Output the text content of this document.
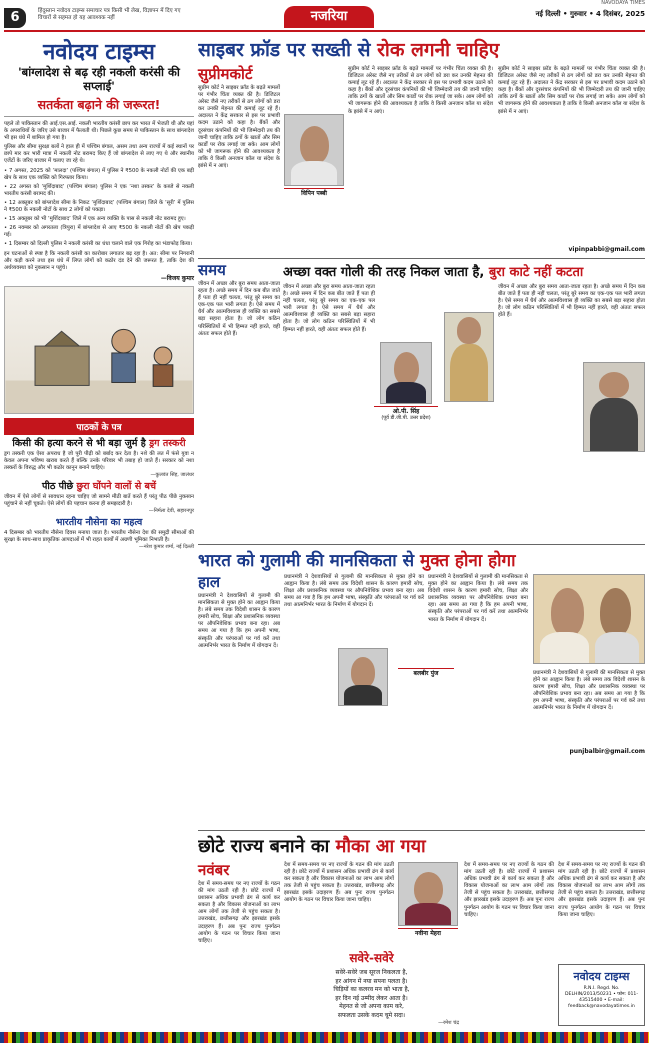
6	हिंदुस्तान नवोदय टाइम्स समाचार पत्र किसी भी लेख, विज्ञापन में दिए गए विचारों से सहमत हो यह आवश्यक नहीं	नजरिया
NAVODAYA TIMES
नई दिल्ली • गुरुवार • 4 दिसंबर, 2025
नवोदय टाइम्स
'बांग्लादेश से बढ़ रही नकली करंसी की सप्लाई'
सतर्कता बढ़ाने की जरूरत!

पहले तो पाकिस्तान की आई.एस.आई. नकली भारतीय करंसी छाप कर भारत में भेजती थी और यहां के अपराधियों के जरिए उसे बाजार में फैलाती थी। पिछले कुछ समय से पाकिस्तान के साथ बांग्लादेश भी इस धंधे में शामिल हो गया है।

पुलिस और सीमा सुरक्षा बलों ने हाल ही में पश्चिम बंगाल, असम तथा अन्य राज्यों में कई स्थानों पर छापे मार कर भारी मात्रा में नकली नोट बरामद किए हैं जो बांग्लादेश से लाए गए थे और स्थानीय एजेंटों के जरिए बाजार में चलाए जा रहे थे।

• 7 अगस्त, 2025 को ‘मालदा’ (पश्चिम बंगाल) में पुलिस ने ₹500 के नकली नोटों की एक बड़ी खेप के साथ एक व्यक्ति को गिरफ्तार किया।

• 22 अगस्त को ‘मुर्शिदाबाद’ (पश्चिम बंगाल) पुलिस ने एक ‘नशा तस्कर’ के कब्जे से नकली भारतीय करंसी बरामद की।

• 12 अक्तूबर को बांग्लादेश सीमा के निकट ‘मुर्शिदाबाद’ (पश्चिम बंगाल) जिले के ‘सूरी’ में पुलिस ने ₹500 के नकली नोटों के साथ 2 लोगों को पकड़ा।

• 15 अक्तूबर को भी ‘मुर्शिदाबाद’ जिले में एक अन्य व्यक्ति के पास से नकली नोट बरामद हुए।

• 26 नवम्बर को अगरतला (त्रिपुरा) में बांग्लादेश से आए ₹500 के नकली नोटों की खेप पकड़ी गई।

• 1 दिसम्बर को दिल्ली पुलिस ने नकली करंसी का धंधा चलाने वाले एक गिरोह का भंडाफोड़ किया।

इन घटनाओं से स्पष्ट है कि नकली करंसी का कारोबार लगातार बढ़ रहा है। अत: सीमा पर निगरानी और कड़ी करने तथा इस धंधे में लिप्त लोगों को कठोर दंड देने की जरूरत है, ताकि देश की अर्थव्यवस्था को नुकसान न पहुंचे।

—विजय कुमार
पाठकों के पत्र
किसी की हत्या करने से भी बड़ा जुर्म है ड्रग तस्करी
ड्रग तस्करी एक ऐसा अपराध है जो पूरी पीढ़ी को बर्बाद कर देता है। नशे की लत में फंसे युवा न केवल अपना भविष्य खराब करते हैं बल्कि उनके परिवार भी तबाह हो जाते हैं। सरकार को नशा तस्करों के विरुद्ध और भी कठोर कानून बनाने चाहिएं।
—कुलवंत सिंह, जालंधर
पीठ पीछे छुरा घोंपने वालों से बचें
जीवन में ऐसे लोगों से सावधान रहना चाहिए जो सामने मीठी बातें करते हैं परंतु पीठ पीछे नुकसान पहुंचाने से नहीं चूकते। ऐसे लोगों की पहचान करना ही समझदारी है।
—निर्मला देवी, सहारनपुर
भारतीय नौसेना का महत्व
4 दिसम्बर को भारतीय नौसेना दिवस मनाया जाता है। भारतीय नौसेना देश की समुद्री सीमाओं की सुरक्षा के साथ-साथ प्राकृतिक आपदाओं में भी राहत कार्यों में अग्रणी भूमिका निभाती है।
—नरेश कुमार शर्मा, नई दिल्ली
साइबर फ्रॉड पर सख्ती से रोक लगनी चाहिए
सुप्रीमकोर्ट
सुप्रीम कोर्ट ने साइबर फ्रॉड के बढ़ते मामलों पर गंभीर चिंता व्यक्त की है। डिजिटल अरेस्ट जैसे नए तरीकों से ठग लोगों को डरा कर उनकी मेहनत की कमाई लूट रहे हैं। अदालत ने केंद्र सरकार से इस पर प्रभावी कदम उठाने को कहा है। बैंकों और दूरसंचार कंपनियों की भी जिम्मेदारी तय की जानी चाहिए ताकि ठगों के खातों और सिम कार्डों पर रोक लगाई जा सके। आम लोगों को भी जागरूक होने की आवश्यकता है ताकि वे किसी अनजान कॉल या संदेश के झांसे में न आएं।
विपिन पब्बी
सुप्रीम कोर्ट ने साइबर फ्रॉड के बढ़ते मामलों पर गंभीर चिंता व्यक्त की है। डिजिटल अरेस्ट जैसे नए तरीकों से ठग लोगों को डरा कर उनकी मेहनत की कमाई लूट रहे हैं। अदालत ने केंद्र सरकार से इस पर प्रभावी कदम उठाने को कहा है। बैंकों और दूरसंचार कंपनियों की भी जिम्मेदारी तय की जानी चाहिए ताकि ठगों के खातों और सिम कार्डों पर रोक लगाई जा सके। आम लोगों को भी जागरूक होने की आवश्यकता है ताकि वे किसी अनजान कॉल या संदेश के झांसे में न आएं।
सुप्रीम कोर्ट ने साइबर फ्रॉड के बढ़ते मामलों पर गंभीर चिंता व्यक्त की है। डिजिटल अरेस्ट जैसे नए तरीकों से ठग लोगों को डरा कर उनकी मेहनत की कमाई लूट रहे हैं। अदालत ने केंद्र सरकार से इस पर प्रभावी कदम उठाने को कहा है। बैंकों और दूरसंचार कंपनियों की भी जिम्मेदारी तय की जानी चाहिए ताकि ठगों के खातों और सिम कार्डों पर रोक लगाई जा सके। आम लोगों को भी जागरूक होने की आवश्यकता है ताकि वे किसी अनजान कॉल या संदेश के झांसे में न आएं।
vipinpabbi@gmail.com
समय
जीवन में अच्छा और बुरा समय आता-जाता रहता है। अच्छे समय में दिन कब बीत जाते हैं पता ही नहीं चलता, परंतु बुरे समय का एक-एक पल भारी लगता है। ऐसे समय में धैर्य और आत्मविश्वास ही व्यक्ति का सबसे बड़ा सहारा होता है। जो लोग कठिन परिस्थितियों में भी हिम्मत नहीं हारते, वही अंततः सफल होते हैं।
अच्छा वक्त गोली की तरह निकल जाता है, बुरा काटे नहीं कटता
जीवन में अच्छा और बुरा समय आता-जाता रहता है। अच्छे समय में दिन कब बीत जाते हैं पता ही नहीं चलता, परंतु बुरे समय का एक-एक पल भारी लगता है। ऐसे समय में धैर्य और आत्मविश्वास ही व्यक्ति का सबसे बड़ा सहारा होता है। जो लोग कठिन परिस्थितियों में भी हिम्मत नहीं हारते, वही अंततः सफल होते हैं।
ओ.पी. सिंह
(पूर्व डी.जी.पी. उत्तर प्रदेश)
जीवन में अच्छा और बुरा समय आता-जाता रहता है। अच्छे समय में दिन कब बीत जाते हैं पता ही नहीं चलता, परंतु बुरे समय का एक-एक पल भारी लगता है। ऐसे समय में धैर्य और आत्मविश्वास ही व्यक्ति का सबसे बड़ा सहारा होता है। जो लोग कठिन परिस्थितियों में भी हिम्मत नहीं हारते, वही अंततः सफल होते हैं।
भारत को गुलामी की मानसिकता से मुक्त होना होगा
हाल
प्रधानमंत्री ने देशवासियों से गुलामी की मानसिकता से मुक्त होने का आह्वान किया है। लंबे समय तक विदेशी शासन के कारण हमारी सोच, शिक्षा और प्रशासनिक व्यवस्था पर औपनिवेशिक प्रभाव बना रहा। अब समय आ गया है कि हम अपनी भाषा, संस्कृति और परंपराओं पर गर्व करें तथा आत्मनिर्भर भारत के निर्माण में योगदान दें।
प्रधानमंत्री ने देशवासियों से गुलामी की मानसिकता से मुक्त होने का आह्वान किया है। लंबे समय तक विदेशी शासन के कारण हमारी सोच, शिक्षा और प्रशासनिक व्यवस्था पर औपनिवेशिक प्रभाव बना रहा। अब समय आ गया है कि हम अपनी भाषा, संस्कृति और परंपराओं पर गर्व करें तथा आत्मनिर्भर भारत के निर्माण में योगदान दें।
बलबीर पुंज
प्रधानमंत्री ने देशवासियों से गुलामी की मानसिकता से मुक्त होने का आह्वान किया है। लंबे समय तक विदेशी शासन के कारण हमारी सोच, शिक्षा और प्रशासनिक व्यवस्था पर औपनिवेशिक प्रभाव बना रहा। अब समय आ गया है कि हम अपनी भाषा, संस्कृति और परंपराओं पर गर्व करें तथा आत्मनिर्भर भारत के निर्माण में योगदान दें।
प्रधानमंत्री ने देशवासियों से गुलामी की मानसिकता से मुक्त होने का आह्वान किया है। लंबे समय तक विदेशी शासन के कारण हमारी सोच, शिक्षा और प्रशासनिक व्यवस्था पर औपनिवेशिक प्रभाव बना रहा। अब समय आ गया है कि हम अपनी भाषा, संस्कृति और परंपराओं पर गर्व करें तथा आत्मनिर्भर भारत के निर्माण में योगदान दें।
punjbalbir@gmail.com
छोटे राज्य बनाने का मौका आ गया
नवंबर
देश में समय-समय पर नए राज्यों के गठन की मांग उठती रही है। छोटे राज्यों में प्रशासन अधिक प्रभावी ढंग से कार्य कर सकता है और विकास योजनाओं का लाभ आम लोगों तक तेजी से पहुंच सकता है। उत्तराखंड, छत्तीसगढ़ और झारखंड इसके उदाहरण हैं। अब पुनः राज्य पुनर्गठन आयोग के गठन पर विचार किया जाना चाहिए।
देश में समय-समय पर नए राज्यों के गठन की मांग उठती रही है। छोटे राज्यों में प्रशासन अधिक प्रभावी ढंग से कार्य कर सकता है और विकास योजनाओं का लाभ आम लोगों तक तेजी से पहुंच सकता है। उत्तराखंड, छत्तीसगढ़ और झारखंड इसके उदाहरण हैं। अब पुनः राज्य पुनर्गठन आयोग के गठन पर विचार किया जाना चाहिए।
नवीना मेहरा
देश में समय-समय पर नए राज्यों के गठन की मांग उठती रही है। छोटे राज्यों में प्रशासन अधिक प्रभावी ढंग से कार्य कर सकता है और विकास योजनाओं का लाभ आम लोगों तक तेजी से पहुंच सकता है। उत्तराखंड, छत्तीसगढ़ और झारखंड इसके उदाहरण हैं। अब पुनः राज्य पुनर्गठन आयोग के गठन पर विचार किया जाना चाहिए।
देश में समय-समय पर नए राज्यों के गठन की मांग उठती रही है। छोटे राज्यों में प्रशासन अधिक प्रभावी ढंग से कार्य कर सकता है और विकास योजनाओं का लाभ आम लोगों तक तेजी से पहुंच सकता है। उत्तराखंड, छत्तीसगढ़ और झारखंड इसके उदाहरण हैं। अब पुनः राज्य पुनर्गठन आयोग के गठन पर विचार किया जाना चाहिए।
सवेरे-सवेरे
सवेरे-सवेरे जब सूरज निकलता है,
हर आंगन में नया सपना पलता है।
चिड़ियों का कलरव मन को भाता है,
हर दिन नई उम्मीद लेकर आता है।
मेहनत से जो अपना काम करे,
सफलता उसके कदम चूमे सदा।
—रमेश चंद्र
नवोदय टाइम्स
R.N.I. Regd. No. DELHIN/2013/50231 • फोन: 011-43515400 • E-mail: feedback@navodayatimes.in
